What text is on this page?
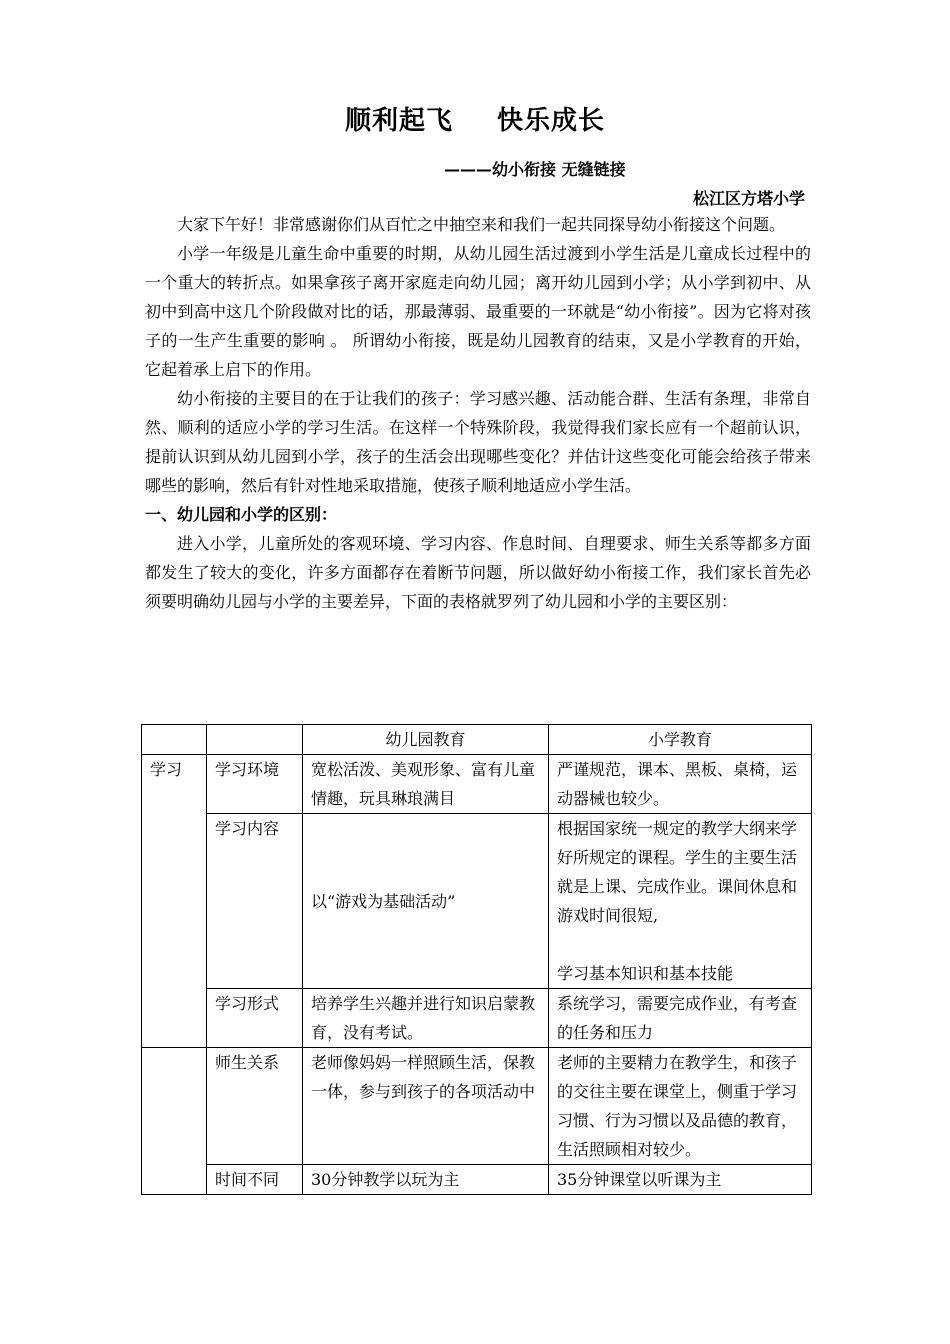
顺利起飞 快乐成长
———幼小衔接 无缝链接
松江区方塔小学

大家下午好！非常感谢你们从百忙之中抽空来和我们一起共同探导幼小衔接这个问题。

小学一年级是儿童生命中重要的时期，从幼儿园生活过渡到小学生活是儿童成长过程中的一个重大的转折点。如果拿孩子离开家庭走向幼儿园；离开幼儿园到小学；从小学到初中、从初中到高中这几个阶段做对比的话，那最薄弱、最重要的一环就是“幼小衔接”。因为它将对孩子的一生产生重要的影响 。 所谓幼小衔接，既是幼儿园教育的结束，又是小学教育的开始，它起着承上启下的作用。

幼小衔接的主要目的在于让我们的孩子：学习感兴趣、活动能合群、生活有条理，非常自然、顺利的适应小学的学习生活。在这样一个特殊阶段，我觉得我们家长应有一个超前认识，提前认识到从幼儿园到小学，孩子的生活会出现哪些变化？并估计这些变化可能会给孩子带来哪些的影响，然后有针对性地采取措施，使孩子顺利地适应小学生活。

一、幼儿园和小学的区别：

进入小学，儿童所处的客观环境、学习内容、作息时间、自理要求、师生关系等都多方面都发生了较大的变化，许多方面都存在着断节问题，所以做好幼小衔接工作，我们家长首先必须要明确幼儿园与小学的主要差异，下面的表格就罗列了幼儿园和小学的主要区别：

		幼儿园教育	小学教育
学习	学习环境	宽松活泼、美观形象、富有儿童情趣，玩具琳琅满目	严谨规范，课本、黑板、桌椅，运动器械也较少。
	学习内容	以“游戏为基础活动”	根据国家统一规定的教学大纲来学好所规定的课程。学生的主要生活就是上课、完成作业。课间休息和游戏时间很短,
学习基本知识和基本技能

	学习形式	培养学生兴趣并进行知识启蒙教育，没有考试。	系统学习，需要完成作业，有考查的任务和压力
	师生关系	老师像妈妈一样照顾生活，保教一体，参与到孩子的各项活动中	老师的主要精力在教学生，和孩子的交往主要在课堂上，侧重于学习习惯、行为习惯以及品德的教育，生活照顾相对较少。
	时间不同	30分钟教学以玩为主	35分钟课堂以听课为主
